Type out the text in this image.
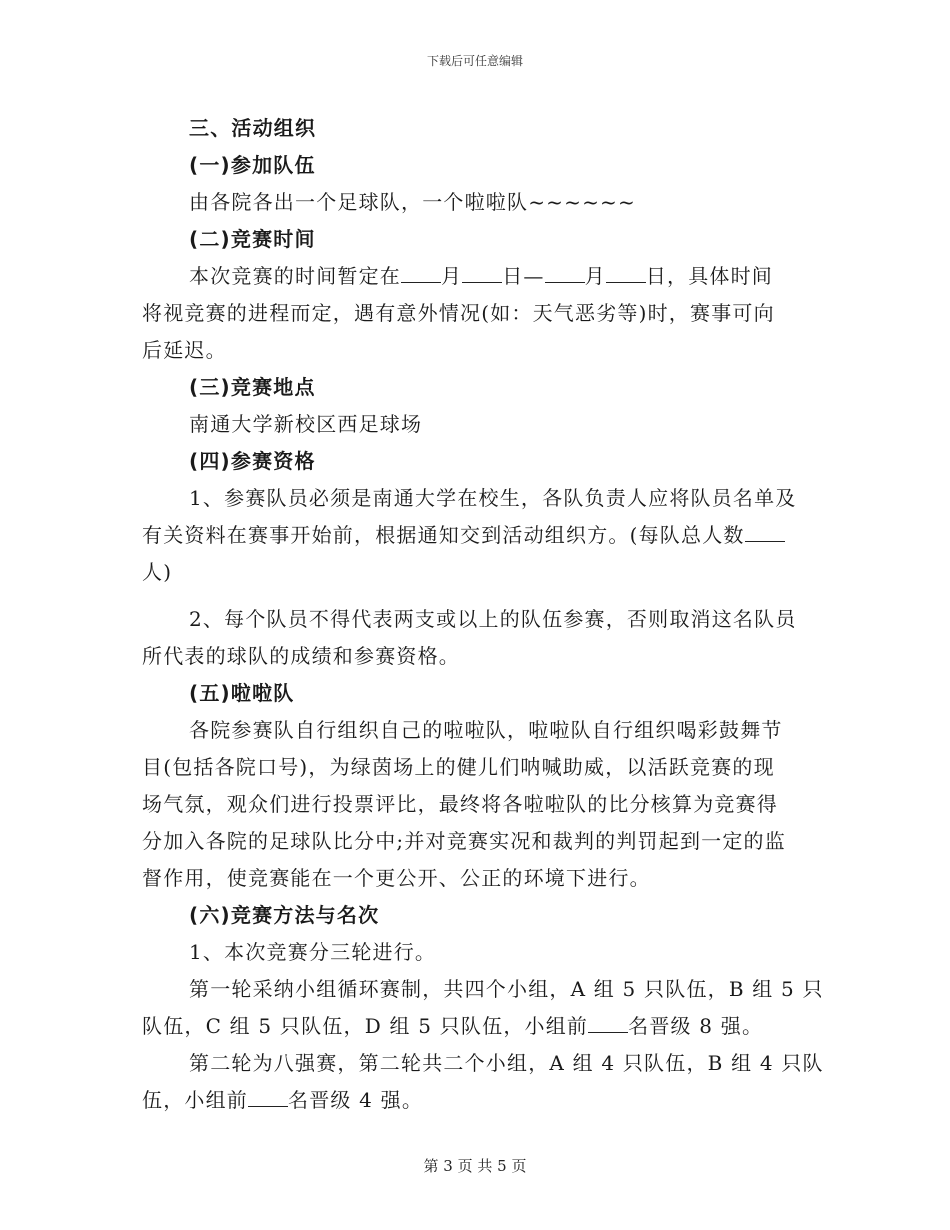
下载后可任意编辑
三、活动组织
(一)参加队伍
由各院各出一个足球队，一个啦啦队~~~~~~
(二)竞赛时间
本次竞赛的时间暂定在 月 日— 月 日，具体时间
将视竞赛的进程而定，遇有意外情况(如：天气恶劣等)时，赛事可向
后延迟。
(三)竞赛地点
南通大学新校区西足球场
(四)参赛资格
1、参赛队员必须是南通大学在校生，各队负责人应将队员名单及
有关资料在赛事开始前，根据通知交到活动组织方。(每队总人数
人)
2、每个队员不得代表两支或以上的队伍参赛，否则取消这名队员
所代表的球队的成绩和参赛资格。
(五)啦啦队
各院参赛队自行组织自己的啦啦队，啦啦队自行组织喝彩鼓舞节
目(包括各院口号)，为绿茵场上的健儿们呐喊助威，以活跃竞赛的现
场气氛，观众们进行投票评比，最终将各啦啦队的比分核算为竞赛得
分加入各院的足球队比分中;并对竞赛实况和裁判的判罚起到一定的监
督作用，使竞赛能在一个更公开、公正的环境下进行。
(六)竞赛方法与名次
1、本次竞赛分三轮进行。
第一轮采纳小组循环赛制，共四个小组，A 组 5 只队伍，B 组 5 只
队伍，C 组 5 只队伍，D 组 5 只队伍，小组前 名晋级 8 强。
第二轮为八强赛，第二轮共二个小组，A 组 4 只队伍，B 组 4 只队
伍，小组前 名晋级 4 强。
第 3 页 共 5 页
